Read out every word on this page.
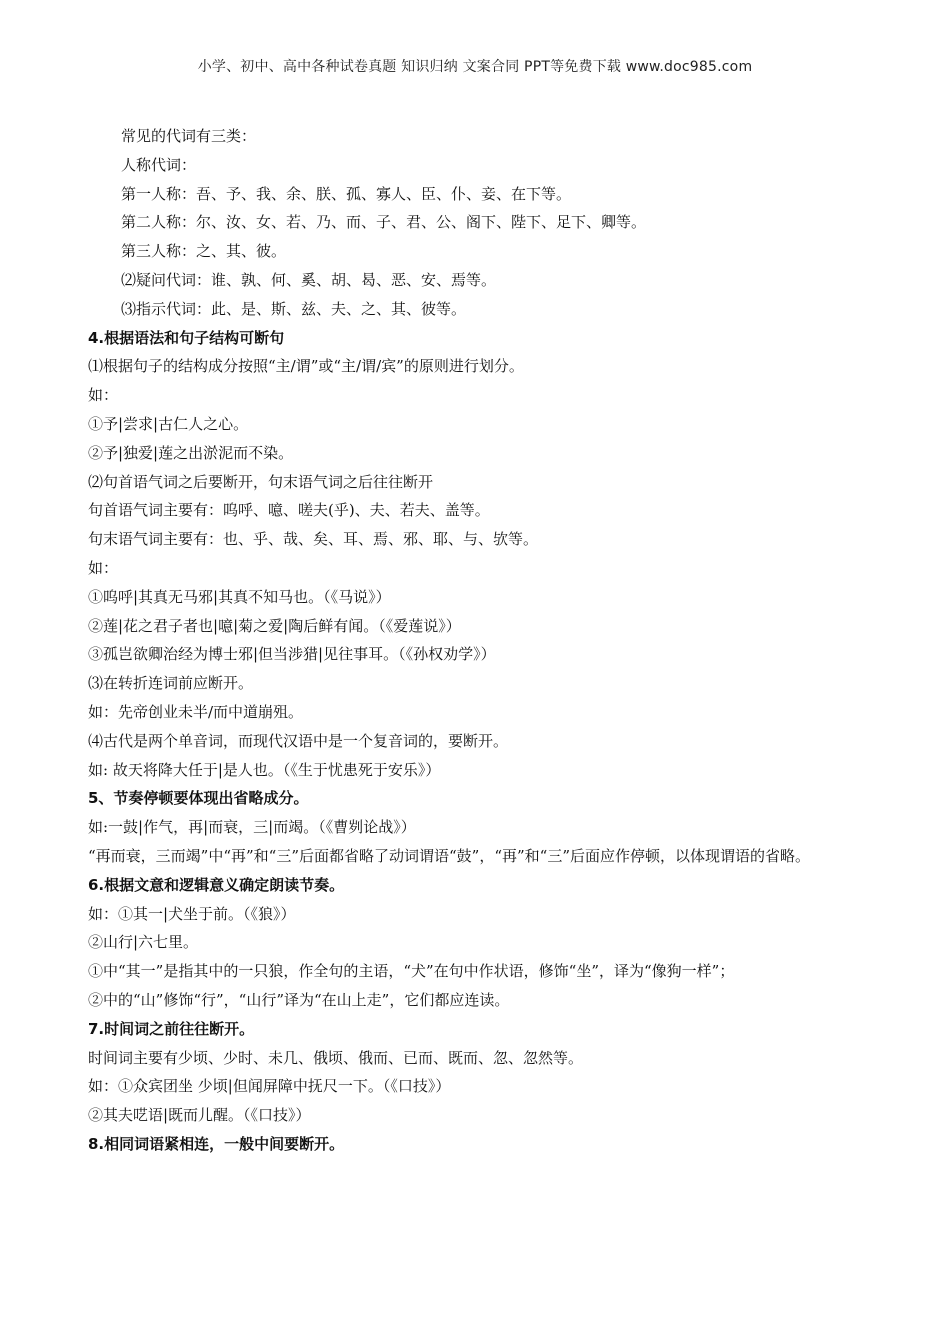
小学、初中、高中各种试卷真题 知识归纳 文案合同 PPT等免费下载 www.doc985.com
常见的代词有三类：
人称代词：
第一人称：吾、予、我、余、朕、孤、寡人、臣、仆、妾、在下等。
第二人称：尔、汝、女、若、乃、而、子、君、公、阁下、陛下、足下、卿等。
第三人称：之、其、彼。
⑵疑问代词：谁、孰、何、奚、胡、曷、恶、安、焉等。
⑶指示代词：此、是、斯、兹、夫、之、其、彼等。
4.根据语法和句子结构可断句
⑴根据句子的结构成分按照“主/谓”或“主/谓/宾”的原则进行划分。
如：
①予|尝求|古仁人之心。
②予|独爱|莲之出淤泥而不染。
⑵句首语气词之后要断开，句末语气词之后往往断开
句首语气词主要有：呜呼、噫、嗟夫(乎)、夫、若夫、盖等。
句末语气词主要有：也、乎、哉、矣、耳、焉、邪、耶、与、欤等。
如：
①呜呼|其真无马邪|其真不知马也。（《马说》）
②莲|花之君子者也|噫|菊之爱|陶后鲜有闻。（《爱莲说》）
③孤岂欲卿治经为博士邪|但当涉猎|见往事耳。（《孙权劝学》）
⑶在转折连词前应断开。
如：先帝创业未半/而中道崩殂。
⑷古代是两个单音词，而现代汉语中是一个复音词的，要断开。
如: 故天将降大任于|是人也。（《生于忧患死于安乐》）
5、节奏停顿要体现出省略成分。
如:一鼓|作气，再|而衰，三|而竭。（《曹刿论战》）
“再而衰，三而竭”中“再”和“三”后面都省略了动词谓语“鼓”，“再”和“三”后面应作停顿，以体现谓语的省略。
6.根据文意和逻辑意义确定朗读节奏。
如：①其一|犬坐于前。（《狼》）
②山行|六七里。
①中“其一”是指其中的一只狼，作全句的主语，“犬”在句中作状语，修饰“坐”，译为“像狗一样”；
②中的“山”修饰“行”，“山行”译为“在山上走”，它们都应连读。
7.时间词之前往往断开。
时间词主要有少顷、少时、未几、俄顷、俄而、已而、既而、忽、忽然等。
如：①众宾团坐 少顷|但闻屏障中抚尺一下。（《口技》）
②其夫呓语|既而儿醒。（《口技》）
8.相同词语紧相连，一般中间要断开。
